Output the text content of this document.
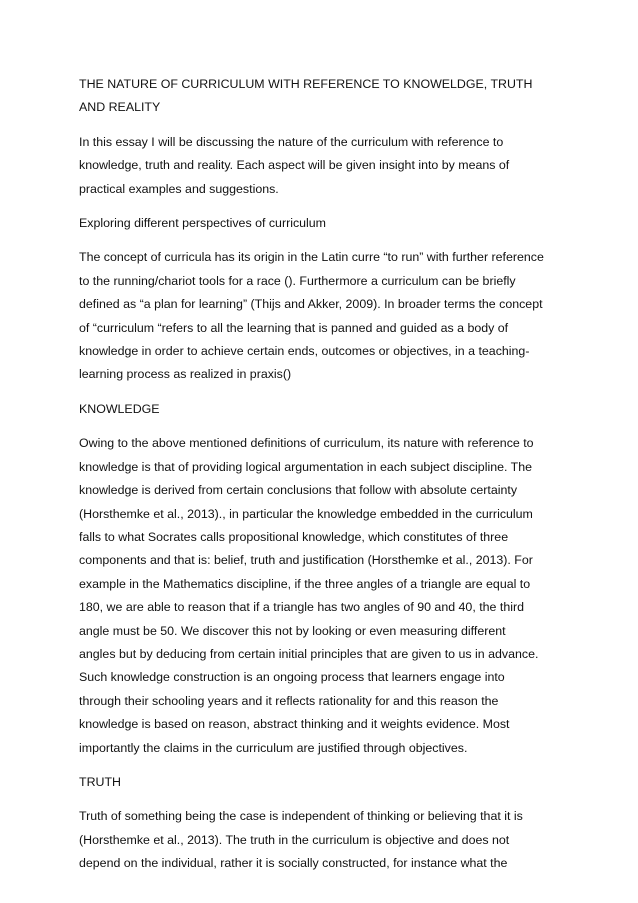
THE NATURE OF CURRICULUM WITH REFERENCE TO KNOWELDGE, TRUTH
AND REALITY
In this essay I will be discussing the nature of the curriculum with reference to
knowledge, truth and reality. Each aspect will be given insight into by means of
practical examples and suggestions.
Exploring different perspectives of curriculum
The concept of curricula has its origin in the Latin curre “to run” with further reference
to the running/chariot tools for a race (). Furthermore a curriculum can be briefly
defined as “a plan for learning” (Thijs and Akker, 2009). In broader terms the concept
of “curriculum “refers to all the learning that is panned and guided as a body of
knowledge in order to achieve certain ends, outcomes or objectives, in a teaching-
learning process as realized in praxis()
KNOWLEDGE
Owing to the above mentioned definitions of curriculum, its nature with reference to
knowledge is that of providing logical argumentation in each subject discipline. The
knowledge is derived from certain conclusions that follow with absolute certainty
(Horsthemke et al., 2013)., in particular the knowledge embedded in the curriculum
falls to what Socrates calls propositional knowledge, which constitutes of three
components and that is: belief, truth and justification (Horsthemke et al., 2013). For
example in the Mathematics discipline, if the three angles of a triangle are equal to
180, we are able to reason that if a triangle has two angles of 90 and 40, the third
angle must be 50. We discover this not by looking or even measuring different
angles but by deducing from certain initial principles that are given to us in advance.
Such knowledge construction is an ongoing process that learners engage into
through their schooling years and it reflects rationality for and this reason the
knowledge is based on reason, abstract thinking and it weights evidence. Most
importantly the claims in the curriculum are justified through objectives.
TRUTH
Truth of something being the case is independent of thinking or believing that it is
(Horsthemke et al., 2013). The truth in the curriculum is objective and does not
depend on the individual, rather it is socially constructed, for instance what the
